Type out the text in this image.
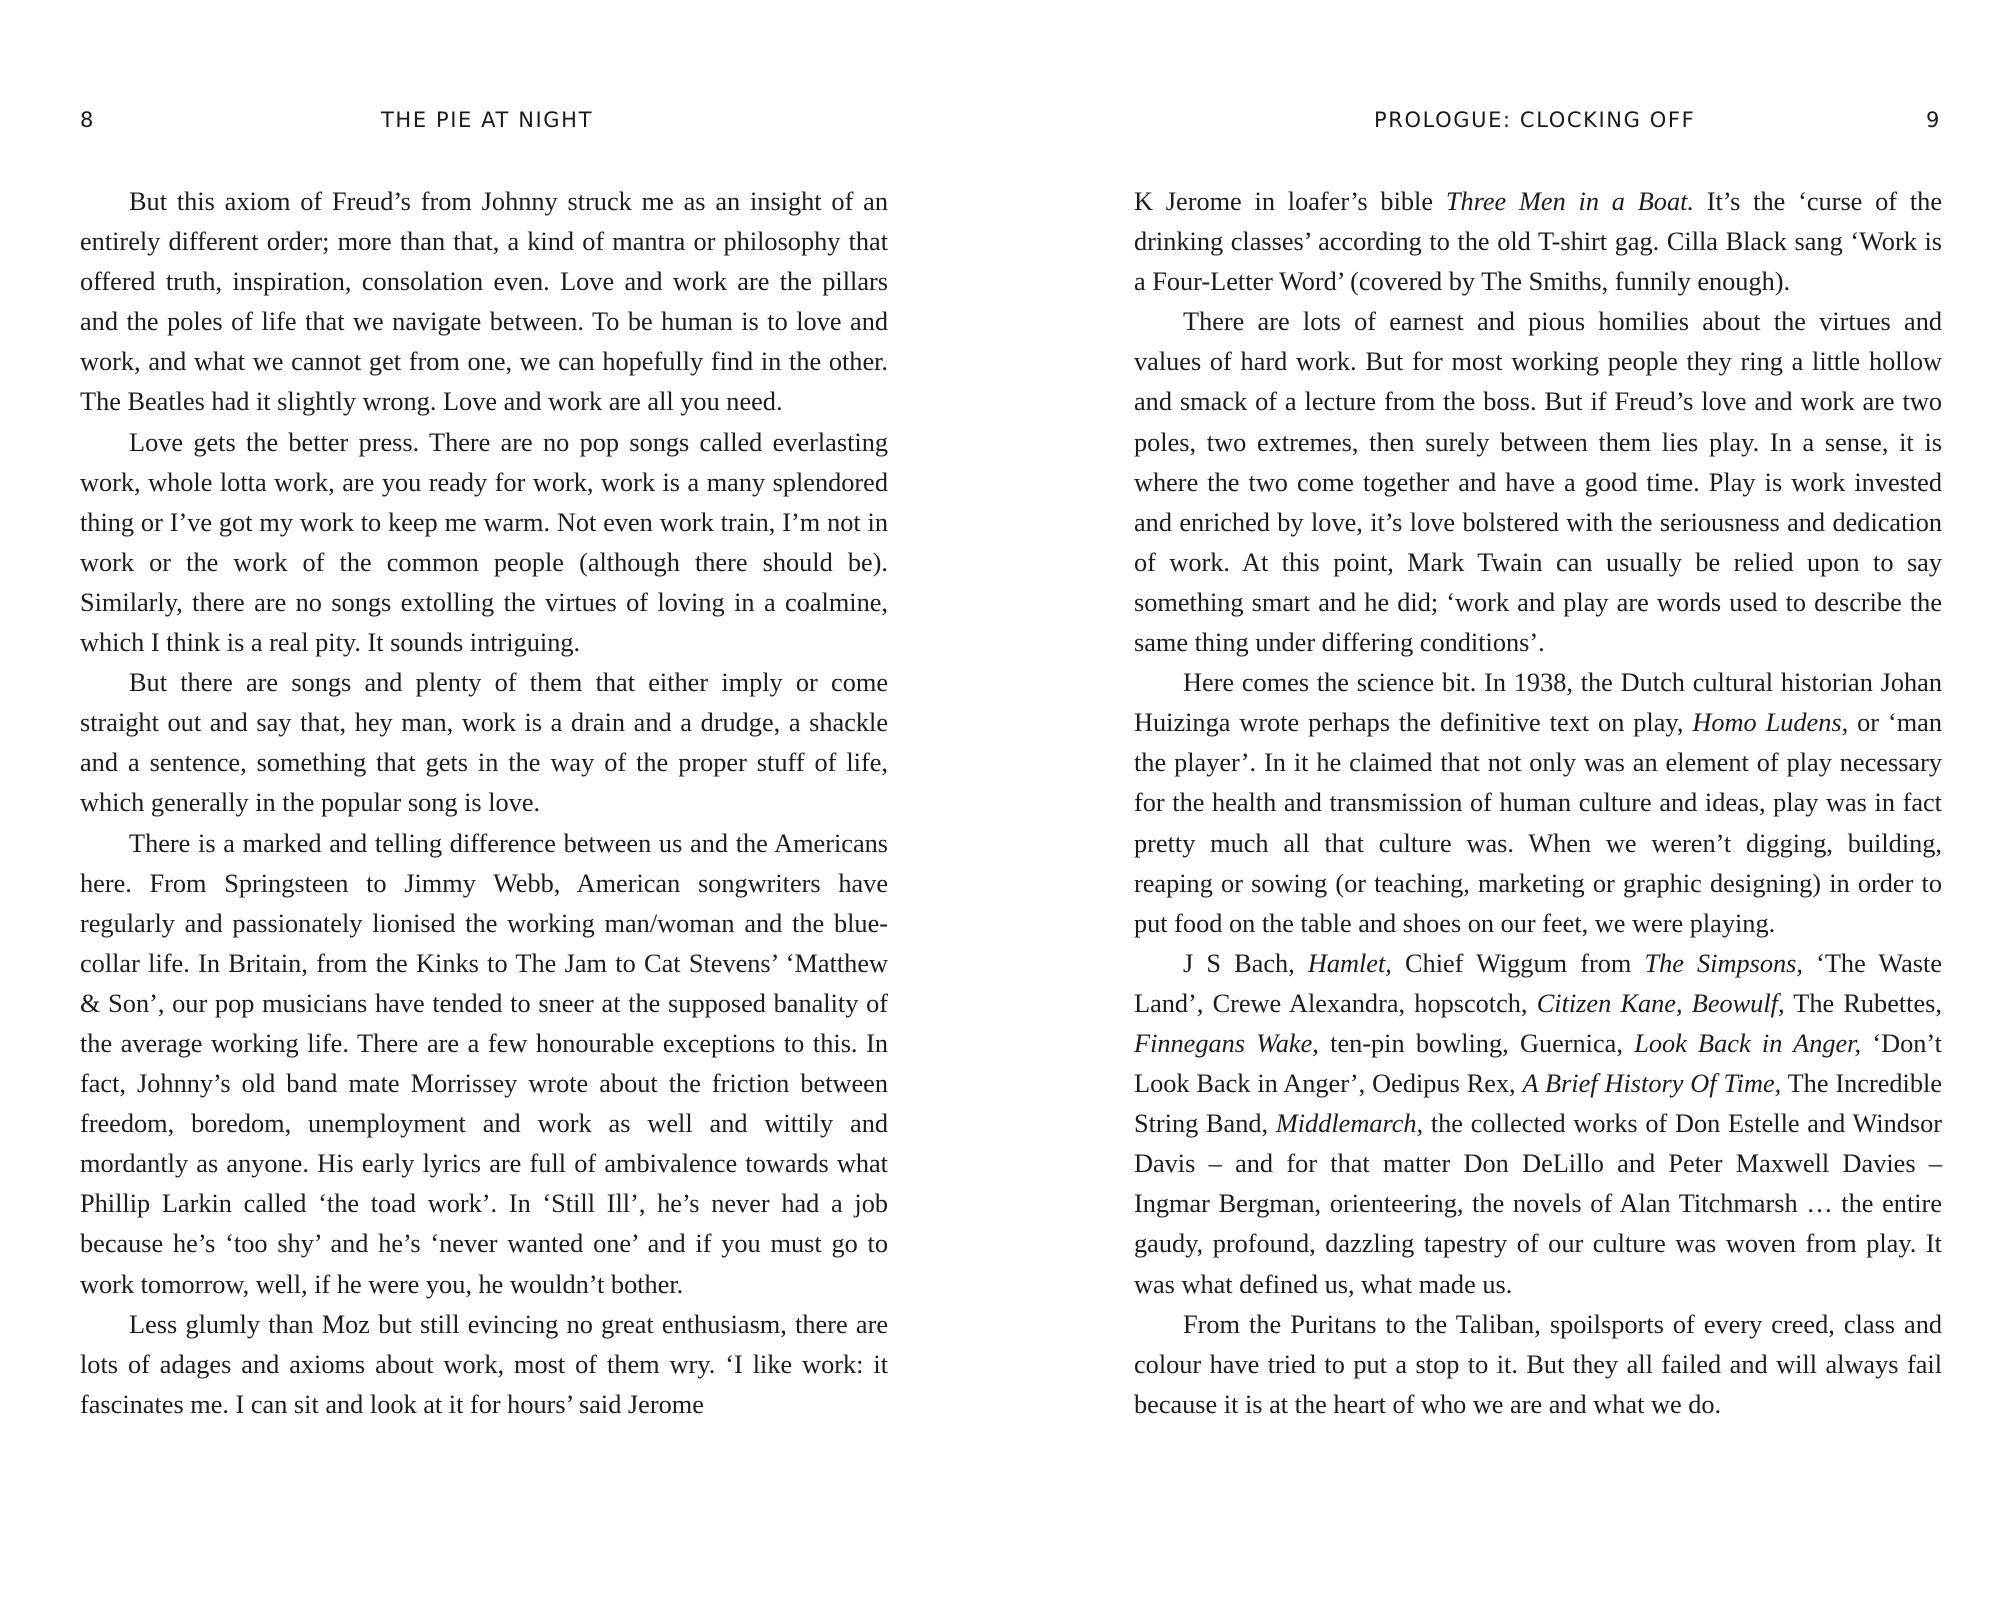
8	THE PIE AT NIGHT

But this axiom of Freud’s from Johnny struck me as an insight of an entirely different order; more than that, a kind of mantra or philosophy that offered truth, inspiration, consolation even. Love and work are the pillars and the poles of life that we navigate between. To be human is to love and work, and what we cannot get from one, we can hopefully find in the other. The Beatles had it slightly wrong. Love and work are all you need.

Love gets the better press. There are no pop songs called everlasting work, whole lotta work, are you ready for work, work is a many splendored thing or I’ve got my work to keep me warm. Not even work train, I’m not in work or the work of the common people (although there should be). Similarly, there are no songs extolling the virtues of loving in a coalmine, which I think is a real pity. It sounds intriguing.

But there are songs and plenty of them that either imply or come straight out and say that, hey man, work is a drain and a drudge, a shackle and a sentence, something that gets in the way of the proper stuff of life, which generally in the popular song is love.

There is a marked and telling difference between us and the Americans here. From Springsteen to Jimmy Webb, American songwriters have regularly and passionately lionised the working man/​woman and the blue-collar life. In Britain, from the Kinks to The Jam to Cat Stevens’ ‘Matthew & Son’, our pop musicians have tended to sneer at the supposed banality of the average working life. There are a few honourable exceptions to this. In fact, Johnny’s old band mate Morrissey wrote about the friction between freedom, boredom, unemployment and work as well and wittily and mordantly as anyone. His early lyrics are full of ambivalence towards what Phillip Larkin called ‘the toad work’. In ‘Still Ill’, he’s never had a job because he’s ‘too shy’ and he’s ‘never wanted one’ and if you must go to work tomorrow, well, if he were you, he wouldn’t bother.

Less glumly than Moz but still evincing no great enthusiasm, there are lots of adages and axioms about work, most of them wry. ‘I like work: it fascinates me. I can sit and look at it for hours’ said Jerome

PROLOGUE: CLOCKING OFF	9

K Jerome in loafer’s bible Three Men in a Boat. It’s the ‘curse of the drinking classes’ according to the old T-shirt gag. Cilla Black sang ‘Work is a Four-Letter Word’ (covered by The Smiths, funnily enough).

There are lots of earnest and pious homilies about the virtues and values of hard work. But for most working people they ring a little hollow and smack of a lecture from the boss. But if Freud’s love and work are two poles, two extremes, then surely between them lies play. In a sense, it is where the two come together and have a good time. Play is work invested and enriched by love, it’s love bolstered with the seriousness and dedication of work. At this point, Mark Twain can usually be relied upon to say something smart and he did; ‘work and play are words used to describe the same thing under differing conditions’.

Here comes the science bit. In 1938, the Dutch cultural historian Johan Huizinga wrote perhaps the definitive text on play, Homo Ludens, or ‘man the player’. In it he claimed that not only was an element of play necessary for the health and transmission of human culture and ideas, play was in fact pretty much all that culture was. When we weren’t digging, building, reaping or sowing (or teaching, marketing or graphic designing) in order to put food on the table and shoes on our feet, we were playing.

J S Bach, Hamlet, Chief Wiggum from The Simpsons, ‘The Waste Land’, Crewe Alexandra, hopscotch, Citizen Kane, Beowulf, The Rubettes, Finnegans Wake, ten-pin bowling, Guernica, Look Back in Anger, ‘Don’t Look Back in Anger’, Oedipus Rex, A Brief History Of Time, The Incredible String Band, Middlemarch, the collected works of Don Estelle and Windsor Davis – and for that matter Don DeLillo and Peter Maxwell Davies – Ingmar Bergman, orienteering, the novels of Alan Titchmarsh … the entire gaudy, profound, dazzling tapestry of our culture was woven from play. It was what defined us, what made us.

From the Puritans to the Taliban, spoilsports of every creed, class and colour have tried to put a stop to it. But they all failed and will always fail because it is at the heart of who we are and what we do.
